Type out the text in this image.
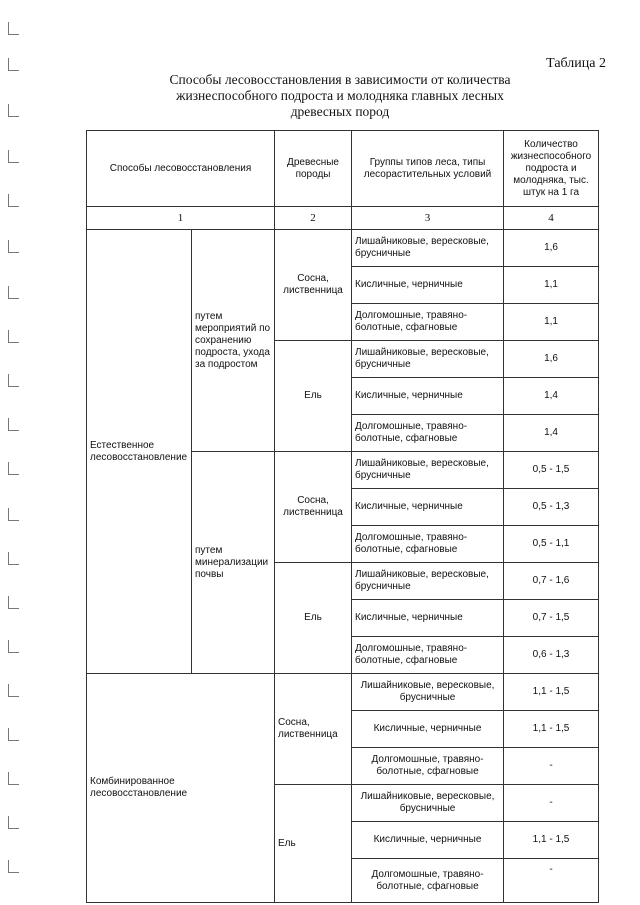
Таблица 2
Способы лесовосстановления в зависимости от количества жизнеспособного подроста и молодняка главных лесных древесных пород
Способы лесовосстановления		Древесные породы	Группы типов леса, типы лесорастительных условий	Количество жизнеспособного подроста и молодняка, тыс. штук на 1 га
1		2	3	4
Естественное лесовосстановление	путем мероприятий по сохранению подроста, ухода за подростом	Сосна, лиственница	Лишайниковые, вересковые, брусничные	1,6
			Кисличные, черничные	1,1
			Долгомошные, травяно-болотные, сфагновые	1,1
		Ель	Лишайниковые, вересковые, брусничные	1,6
			Кисличные, черничные	1,4
			Долгомошные, травяно-болотные, сфагновые	1,4
	путем минерализации почвы	Сосна, лиственница	Лишайниковые, вересковые, брусничные	0,5 - 1,5
			Кисличные, черничные	0,5 - 1,3
			Долгомошные, травяно-болотные, сфагновые	0,5 - 1,1
		Ель	Лишайниковые, вересковые, брусничные	0,7 - 1,6
			Кисличные, черничные	0,7 - 1,5
			Долгомошные, травяно-болотные, сфагновые	0,6 - 1,3
Комбинированное лесовосстановление		Сосна, лиственница	Лишайниковые, вересковые, брусничные	1,1 - 1,5
			Кисличные, черничные	1,1 - 1,5
			Долгомошные, травяно-болотные, сфагновые	-
		Ель	Лишайниковые, вересковые, брусничные	-
			Кисличные, черничные	1,1 - 1,5
			Долгомошные, травяно-болотные, сфагновые	-
